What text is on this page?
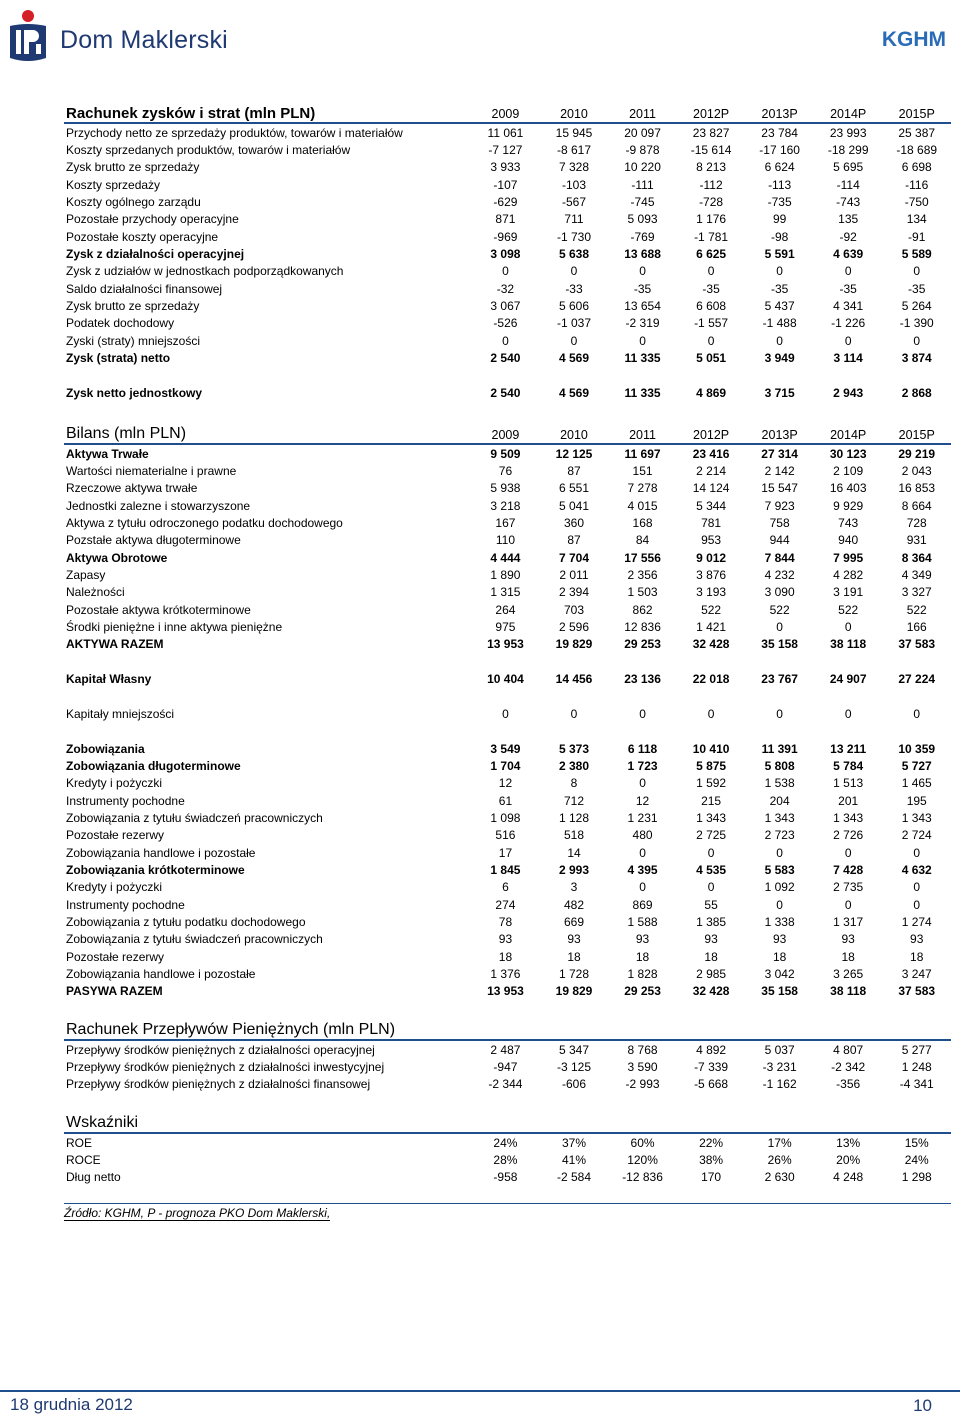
Dom Maklerski	KGHM
Rachunek zysków i strat (mln PLN)	2009	2010	2011	2012P	2013P	2014P	2015P
Przychody netto ze sprzedaży produktów, towarów i materiałów	11 061	15 945	20 097	23 827	23 784	23 993	25 387
Koszty sprzedanych produktów, towarów i materiałów	-7 127	-8 617	-9 878	-15 614	-17 160	-18 299	-18 689
Zysk brutto ze sprzedaży	3 933	7 328	10 220	8 213	6 624	5 695	6 698
Koszty sprzedaży	-107	-103	-111	-112	-113	-114	-116
Koszty ogólnego zarządu	-629	-567	-745	-728	-735	-743	-750
Pozostałe przychody operacyjne	871	711	5 093	1 176	99	135	134
Pozostałe koszty operacyjne	-969	-1 730	-769	-1 781	-98	-92	-91
Zysk z działalności operacyjnej	3 098	5 638	13 688	6 625	5 591	4 639	5 589
Zysk z udziałów w jednostkach podporządkowanych	0	0	0	0	0	0	0
Saldo działalności finansowej	-32	-33	-35	-35	-35	-35	-35
Zysk brutto ze sprzedaży	3 067	5 606	13 654	6 608	5 437	4 341	5 264
Podatek dochodowy	-526	-1 037	-2 319	-1 557	-1 488	-1 226	-1 390
Zyski (straty) mniejszości	0	0	0	0	0	0	0
Zysk (strata) netto	2 540	4 569	11 335	5 051	3 949	3 114	3 874
Zysk netto jednostkowy	2 540	4 569	11 335	4 869	3 715	2 943	2 868
Bilans (mln PLN)	2009	2010	2011	2012P	2013P	2014P	2015P
Aktywa Trwałe	9 509	12 125	11 697	23 416	27 314	30 123	29 219
Wartości niematerialne i prawne	76	87	151	2 214	2 142	2 109	2 043
Rzeczowe aktywa trwałe	5 938	6 551	7 278	14 124	15 547	16 403	16 853
Jednostki zalezne i stowarzyszone	3 218	5 041	4 015	5 344	7 923	9 929	8 664
Aktywa z tytułu odroczonego podatku dochodowego	167	360	168	781	758	743	728
Pozstałe aktywa długoterminowe	110	87	84	953	944	940	931
Aktywa Obrotowe	4 444	7 704	17 556	9 012	7 844	7 995	8 364
Zapasy	1 890	2 011	2 356	3 876	4 232	4 282	4 349
Należności	1 315	2 394	1 503	3 193	3 090	3 191	3 327
Pozostałe aktywa krótkoterminowe	264	703	862	522	522	522	522
Środki pieniężne i inne aktywa pieniężne	975	2 596	12 836	1 421	0	0	166
AKTYWA RAZEM	13 953	19 829	29 253	32 428	35 158	38 118	37 583
Kapitał Własny	10 404	14 456	23 136	22 018	23 767	24 907	27 224
Kapitały mniejszości	0	0	0	0	0	0	0
Zobowiązania	3 549	5 373	6 118	10 410	11 391	13 211	10 359
Zobowiązania długoterminowe	1 704	2 380	1 723	5 875	5 808	5 784	5 727
Kredyty i pożyczki	12	8	0	1 592	1 538	1 513	1 465
Instrumenty pochodne	61	712	12	215	204	201	195
Zobowiązania z tytułu świadczeń pracowniczych	1 098	1 128	1 231	1 343	1 343	1 343	1 343
Pozostałe rezerwy	516	518	480	2 725	2 723	2 726	2 724
Zobowiązania handlowe i pozostałe	17	14	0	0	0	0	0
Zobowiązania krótkoterminowe	1 845	2 993	4 395	4 535	5 583	7 428	4 632
Kredyty i pożyczki	6	3	0	0	1 092	2 735	0
Instrumenty pochodne	274	482	869	55	0	0	0
Zobowiązania z tytułu podatku dochodowego	78	669	1 588	1 385	1 338	1 317	1 274
Zobowiązania z tytułu świadczeń pracowniczych	93	93	93	93	93	93	93
Pozostałe rezerwy	18	18	18	18	18	18	18
Zobowiązania handlowe i pozostałe	1 376	1 728	1 828	2 985	3 042	3 265	3 247
PASYWA RAZEM	13 953	19 829	29 253	32 428	35 158	38 118	37 583
Rachunek Przepływów Pieniężnych (mln PLN)
Przepływy środków pieniężnych z działalności operacyjnej	2 487	5 347	8 768	4 892	5 037	4 807	5 277
Przepływy środków pieniężnych z działalności inwestycyjnej	-947	-3 125	3 590	-7 339	-3 231	-2 342	1 248
Przepływy środków pieniężnych z działalności finansowej	-2 344	-606	-2 993	-5 668	-1 162	-356	-4 341
Wskaźniki
ROE	24%	37%	60%	22%	17%	13%	15%
ROCE	28%	41%	120%	38%	26%	20%	24%
Dług netto	-958	-2 584	-12 836	170	2 630	4 248	1 298
Źródło: KGHM, P - prognoza PKO Dom Maklerski,
18 grudnia 2012	10
